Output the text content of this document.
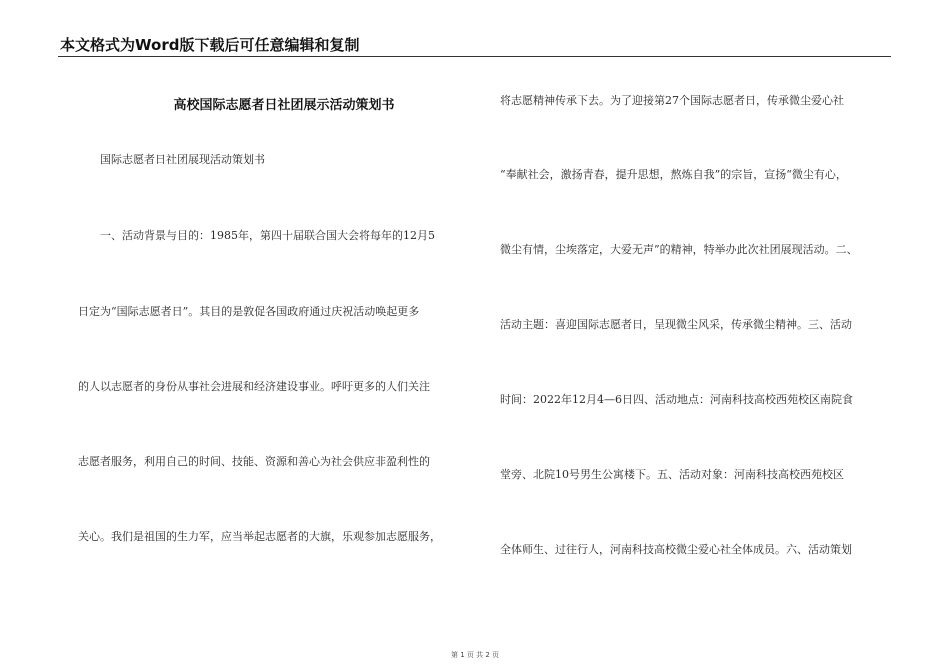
本文格式为Word版下载后可任意编辑和复制
高校国际志愿者日社团展示活动策划书
国际志愿者日社团展现活动策划书
一、活动背景与目的：1985年，第四十届联合国大会将每年的12月5
日定为“国际志愿者日”。其目的是敦促各国政府通过庆祝活动唤起更多
的人以志愿者的身份从事社会进展和经济建设事业。呼吁更多的人们关注
志愿者服务，利用自己的时间、技能、资源和善心为社会供应非盈利性的
关心。我们是祖国的生力军，应当举起志愿者的大旗，乐观参加志愿服务，
将志愿精神传承下去。为了迎接第27个国际志愿者日，传承微尘爱心社
“奉献社会，激扬青春，提升思想，熬炼自我”的宗旨，宣扬“微尘有心，
微尘有情，尘埃落定，大爱无声”的精神，特举办此次社团展现活动。二、
活动主题：喜迎国际志愿者日，呈现微尘风采，传承微尘精神。三、活动
时间：2022年12月4—6日四、活动地点：河南科技高校西苑校区南院食
堂旁、北院10号男生公寓楼下。五、活动对象：河南科技高校西苑校区
全体师生、过往行人，河南科技高校微尘爱心社全体成员。六、活动策划
第 1 页 共 2 页
